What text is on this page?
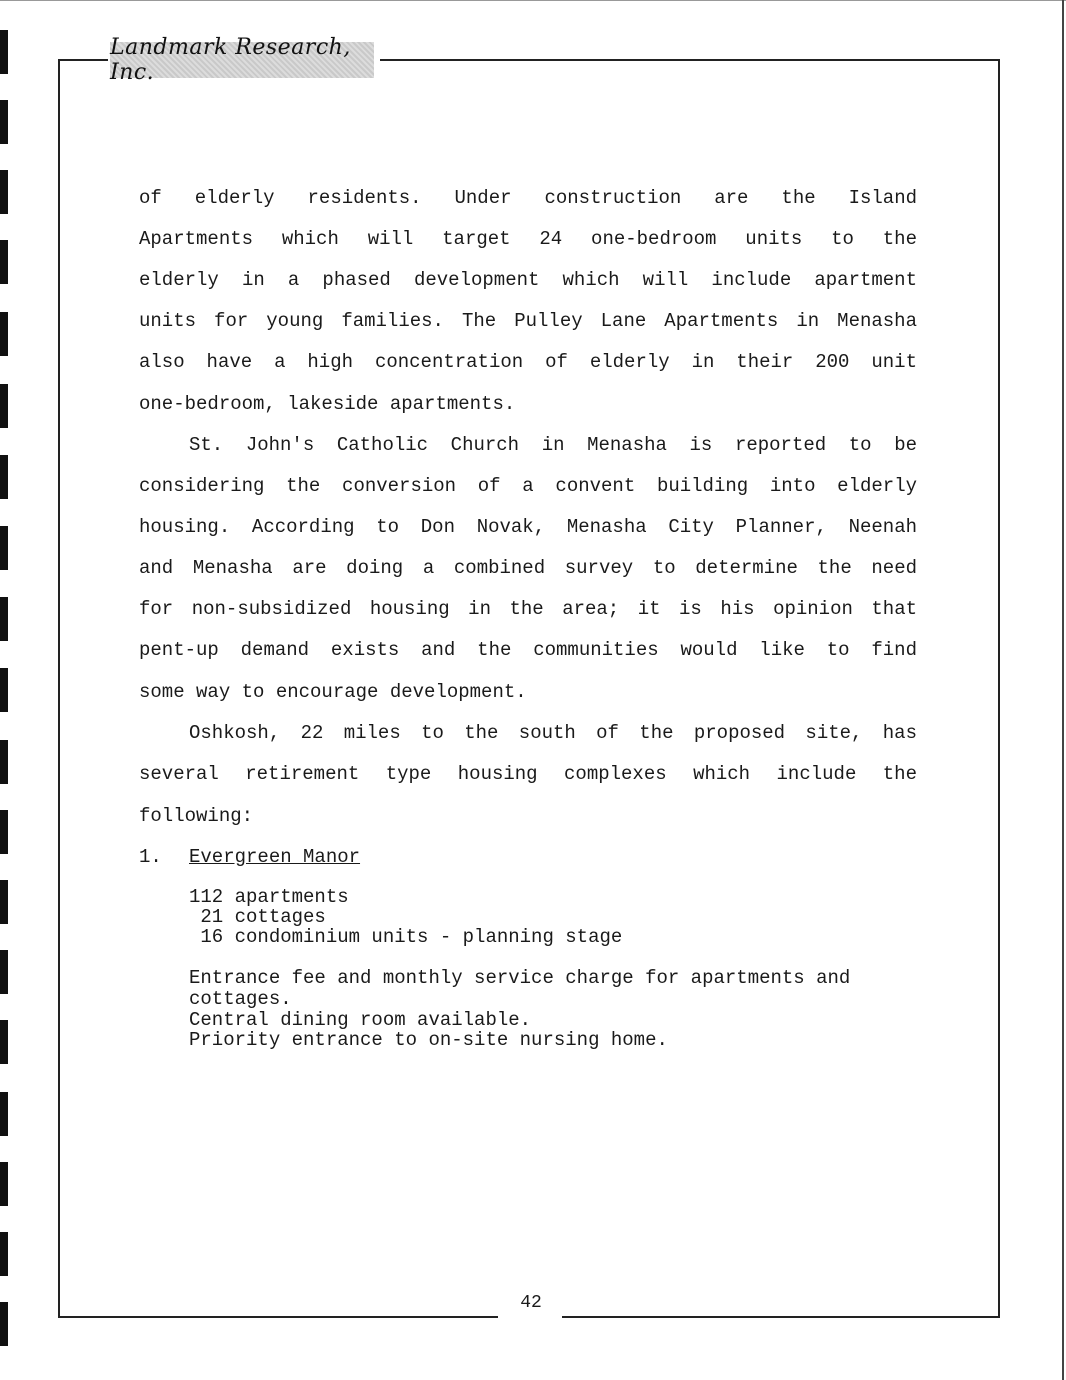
Landmark Research, Inc.
of elderly residents. Under construction are the Island
Apartments which will target 24 one-bedroom units to the
elderly in a phased development which will include apartment
units for young families. The Pulley Lane Apartments in Menasha
also have a high concentration of elderly in their 200 unit
one-bedroom, lakeside apartments.
St. John's Catholic Church in Menasha is reported to be
considering the conversion of a convent building into elderly
housing. According to Don Novak, Menasha City Planner, Neenah
and Menasha are doing a combined survey to determine the need
for non-subsidized housing in the area; it is his opinion that
pent-up demand exists and the communities would like to find
some way to encourage development.
Oshkosh, 22 miles to the south of the proposed site, has
several retirement type housing complexes which include the
following:
1. Evergreen Manor
112 apartments
21 cottages
16 condominium units - planning stage
Entrance fee and monthly service charge for apartments and
cottages.
Central dining room available.
Priority entrance to on-site nursing home.
42
